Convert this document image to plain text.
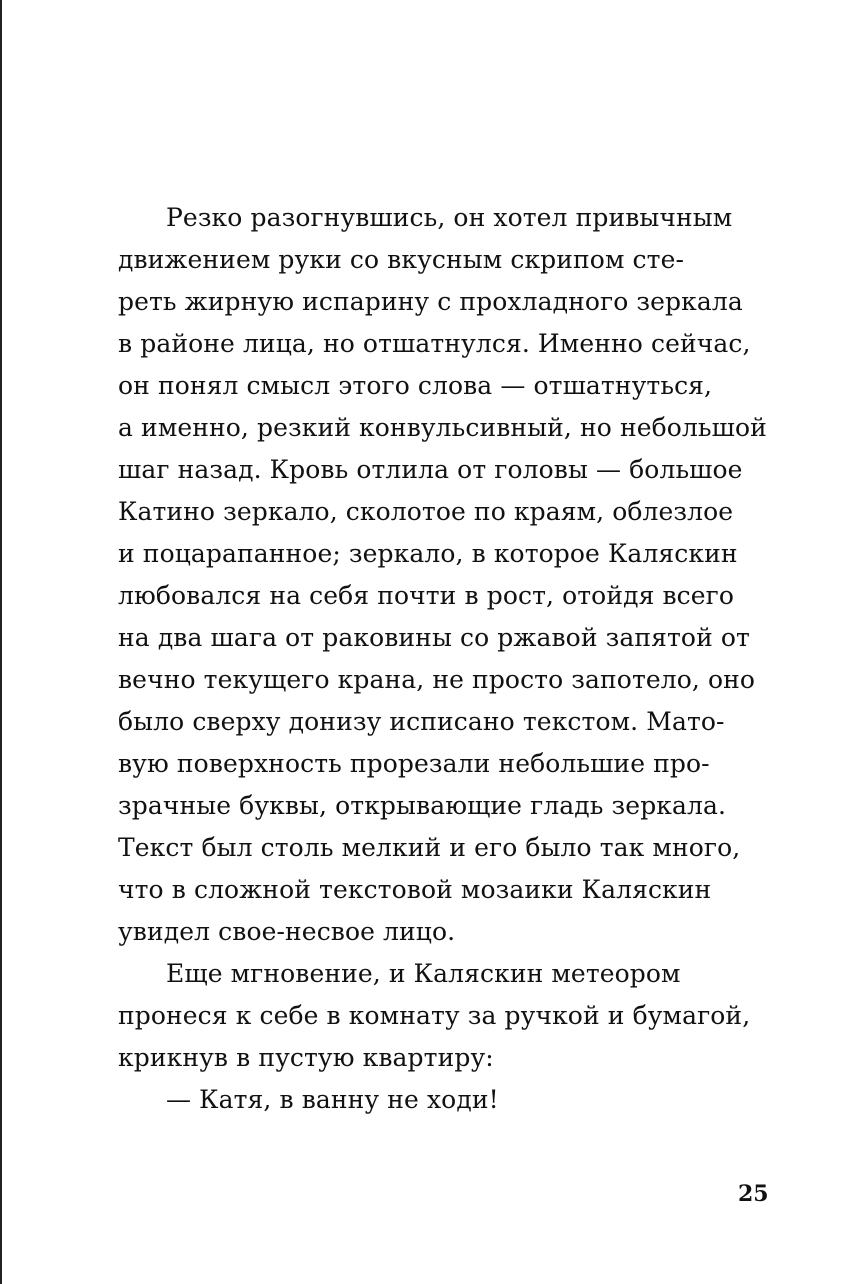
Резко разогнувшись, он хотел привычным
движением руки со вкусным скрипом сте-
реть жирную испарину с прохладного зеркала
в районе лица, но отшатнулся. Именно сейчас,
он понял смысл этого слова — отшатнуться,
а именно, резкий конвульсивный, но небольшой
шаг назад. Кровь отлила от головы — большое
Катино зеркало, сколотое по краям, облезлое
и поцарапанное; зеркало, в которое Каляскин
любовался на себя почти в рост, отойдя всего
на два шага от раковины со ржавой запятой от
вечно текущего крана, не просто запотело, оно
было сверху донизу исписано текстом. Мато-
вую поверхность прорезали небольшие про-
зрачные буквы, открывающие гладь зеркала.
Текст был столь мелкий и его было так много,
что в сложной текстовой мозаики Каляскин
увидел свое-несвое лицо.
Еще мгновение, и Каляскин метеором
пронеся к себе в комнату за ручкой и бумагой,
крикнув в пустую квартиру:
— Катя, в ванну не ходи!
25
